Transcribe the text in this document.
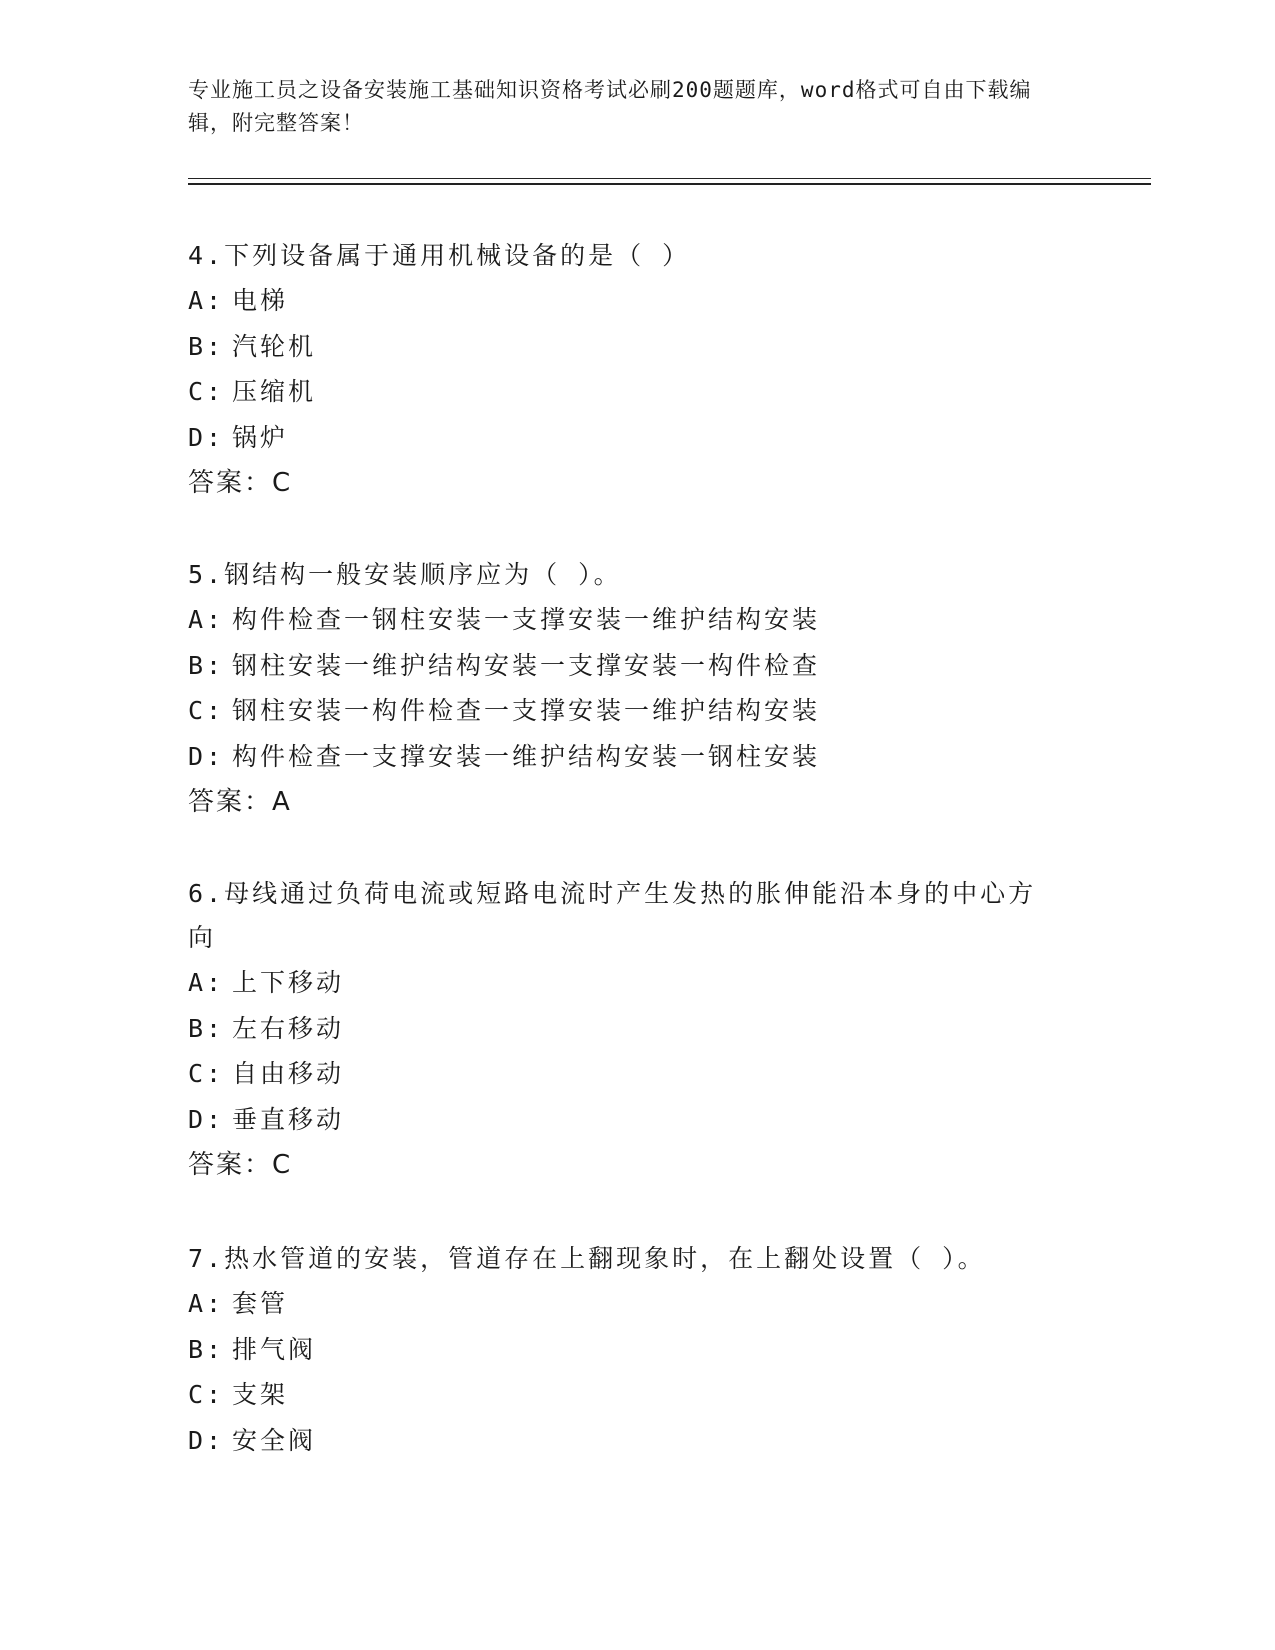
专业施工员之设备安装施工基础知识资格考试必刷200题题库，word格式可自由下载编辑，附完整答案！
4.下列设备属于通用机械设备的是（ ）
A: 电梯
B: 汽轮机
C: 压缩机
D: 锅炉
答案：C
5.钢结构一般安装顺序应为（ ）。
A: 构件检查一钢柱安装一支撑安装一维护结构安装
B: 钢柱安装一维护结构安装一支撑安装一构件检查
C: 钢柱安装一构件检查一支撑安装一维护结构安装
D: 构件检查一支撑安装一维护结构安装一钢柱安装
答案：A
6.母线通过负荷电流或短路电流时产生发热的胀伸能沿本身的中心方向
A: 上下移动
B: 左右移动
C: 自由移动
D: 垂直移动
答案：C
7.热水管道的安装，管道存在上翻现象时，在上翻处设置（ ）。
A: 套管
B: 排气阀
C: 支架
D: 安全阀
